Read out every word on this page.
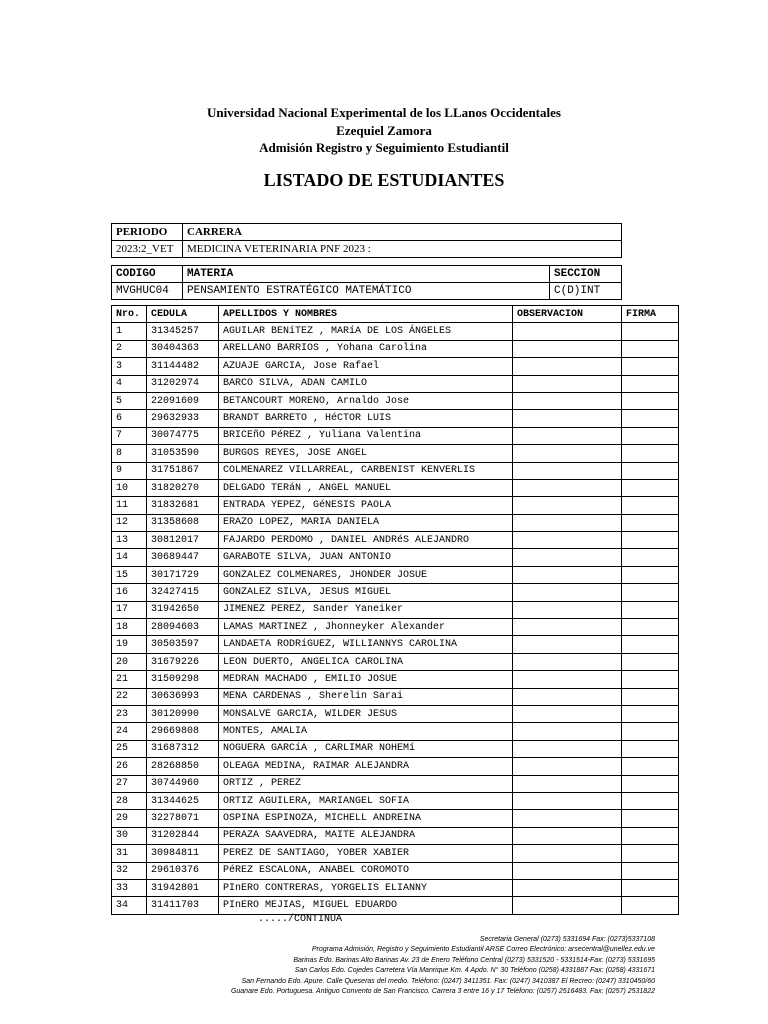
Universidad Nacional Experimental de los LLanos Occidentales
Ezequiel Zamora
Admisión Registro y Seguimiento Estudiantil
LISTADO DE ESTUDIANTES
PERIODO	CARRERA
2023:2_VET	MEDICINA VETERINARIA PNF 2023 :
CODIGO	MATERIA	SECCION
MVGHUC04	PENSAMIENTO ESTRATÉGICO MATEMÁTICO	C(D)INT
Nro.	CEDULA	APELLIDOS Y NOMBRES	OBSERVACION	FIRMA
1	31345257	AGUILAR BENíTEZ , MARíA DE LOS ÁNGELES		
2	30404363	ARELLANO BARRIOS , Yohana Carolina		
3	31144482	AZUAJE GARCIA, Jose Rafael		
4	31202974	BARCO SILVA, ADAN CAMILO		
5	22091609	BETANCOURT MORENO, Arnaldo Jose		
6	29632933	BRANDT BARRETO , HéCTOR LUIS		
7	30074775	BRICEñO PéREZ , Yuliana Valentina		
8	31053590	BURGOS REYES, JOSE ANGEL		
9	31751867	COLMENAREZ VILLARREAL, CARBENIST KENVERLIS		
10	31820270	DELGADO TERáN , ANGEL MANUEL		
11	31832681	ENTRADA YEPEZ, GéNESIS PAOLA		
12	31358608	ERAZO LOPEZ, MARIA DANIELA		
13	30812017	FAJARDO PERDOMO , DANIEL ANDRéS ALEJANDRO		
14	30689447	GARABOTE SILVA, JUAN ANTONIO		
15	30171729	GONZALEZ COLMENARES, JHONDER JOSUE		
16	32427415	GONZALEZ SILVA, JESUS MIGUEL		
17	31942650	JIMENEZ PEREZ, Sander Yaneiker		
18	28094603	LAMAS MARTINEZ , Jhonneyker Alexander		
19	30503597	LANDAETA RODRíGUEZ, WILLIANNYS CAROLINA		
20	31679226	LEON DUERTO, ANGELICA CAROLINA		
21	31509298	MEDRAN MACHADO , EMILIO JOSUE		
22	30636993	MENA CARDENAS , Sherelin Sarai		
23	30120990	MONSALVE GARCIA, WILDER JESUS		
24	29669808	MONTES, AMALIA		
25	31687312	NOGUERA GARCíA , CARLIMAR NOHEMí		
26	28268850	OLEAGA MEDINA, RAIMAR ALEJANDRA		
27	30744960	ORTIZ , PEREZ		
28	31344625	ORTIZ AGUILERA, MARIANGEL SOFIA		
29	32278071	OSPINA ESPINOZA, MICHELL ANDREINA		
30	31202844	PERAZA SAAVEDRA, MAITE ALEJANDRA		
31	30984811	PEREZ DE SANTIAGO, YOBER XABIER		
32	29610376	PéREZ ESCALONA, ANABEL COROMOTO		
33	31942801	PInERO CONTRERAS, YORGELIS ELIANNY		
34	31411703	PInERO MEJIAS, MIGUEL EDUARDO		
...../CONTINUA
Secretaria General (0273) 5331694 Fax: (0273)5337108
Programa Admisión, Registro y Seguimiento Estudiantil ARSE Correo Electrónico: arsecentral@unellez.edu.ve
Barinas Edo. Barinas Alto Barinas Av. 23 de Enero Teléfono Central (0273) 5331520 - 5331514-Fax: (0273) 5331695
San Carlos Edo. Cojedes Carretera Vía Manrique Km. 4 Apdo. N° 30 Teléfono (0258) 4331887 Fax: (0258) 4331671
San Fernando Edo. Apure. Calle Queseras del medio. Teléfono: (0247) 3411351. Fax: (0247) 3410387 El Recreo: (0247) 3310450/60
Guanare Edo. Portuguesa. Antiguo Convento de San Francisco. Carrera 3 entre 16 y 17 Teléfono: (0257) 2516483. Fax: (0257) 2531822
